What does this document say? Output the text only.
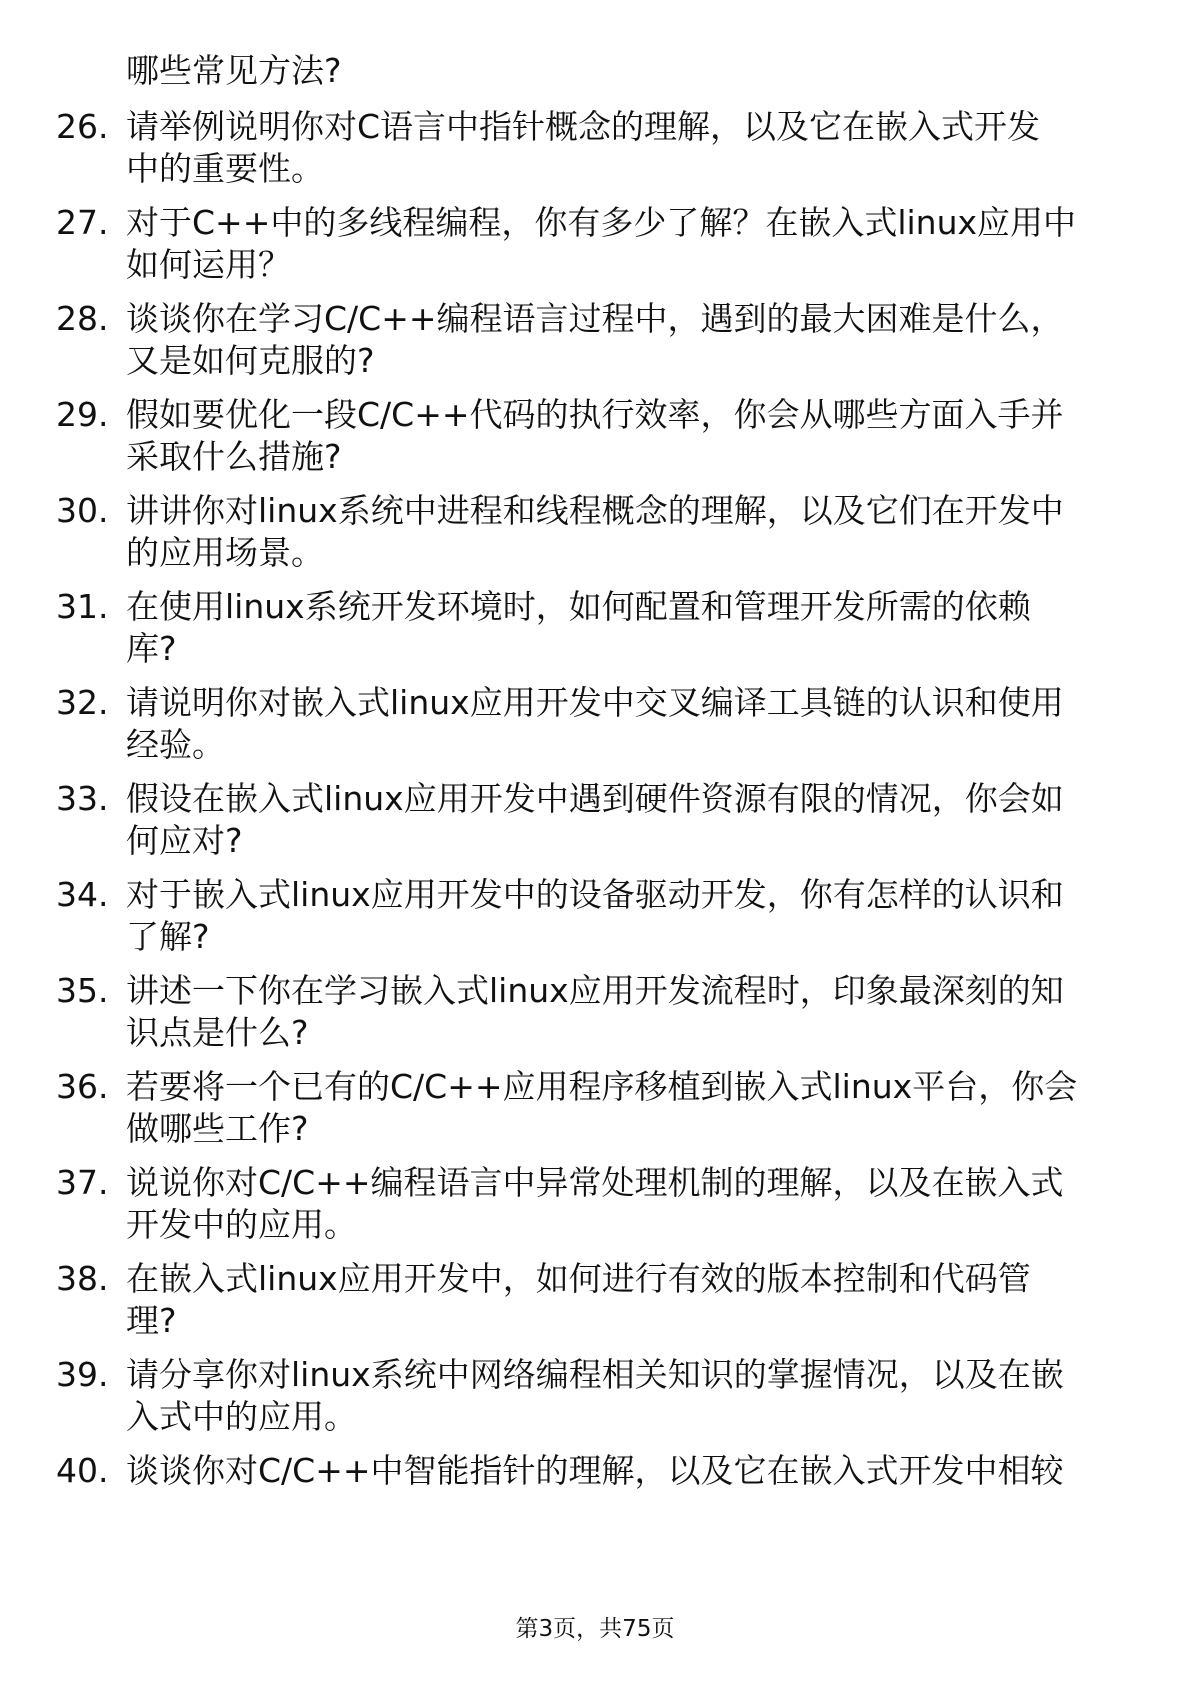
哪些常见方法?
26. 请举例说明你对C语言中指针概念的理解，以及它在嵌入式开发
中的重要性。
27. 对于C++中的多线程编程，你有多少了解？在嵌入式linux应用中
如何运用？
28. 谈谈你在学习C/C++编程语言过程中，遇到的最大困难是什么，
又是如何克服的?
29. 假如要优化一段C/C++代码的执行效率，你会从哪些方面入手并
采取什么措施?
30. 讲讲你对linux系统中进程和线程概念的理解，以及它们在开发中
的应用场景。
31. 在使用linux系统开发环境时，如何配置和管理开发所需的依赖
库?
32. 请说明你对嵌入式linux应用开发中交叉编译工具链的认识和使用
经验。
33. 假设在嵌入式linux应用开发中遇到硬件资源有限的情况，你会如
何应对?
34. 对于嵌入式linux应用开发中的设备驱动开发，你有怎样的认识和
了解?
35. 讲述一下你在学习嵌入式linux应用开发流程时，印象最深刻的知
识点是什么?
36. 若要将一个已有的C/C++应用程序移植到嵌入式linux平台，你会
做哪些工作?
37. 说说你对C/C++编程语言中异常处理机制的理解，以及在嵌入式
开发中的应用。
38. 在嵌入式linux应用开发中，如何进行有效的版本控制和代码管
理?
39. 请分享你对linux系统中网络编程相关知识的掌握情况，以及在嵌
入式中的应用。
40. 谈谈你对C/C++中智能指针的理解，以及它在嵌入式开发中相较
第3页，共75页
